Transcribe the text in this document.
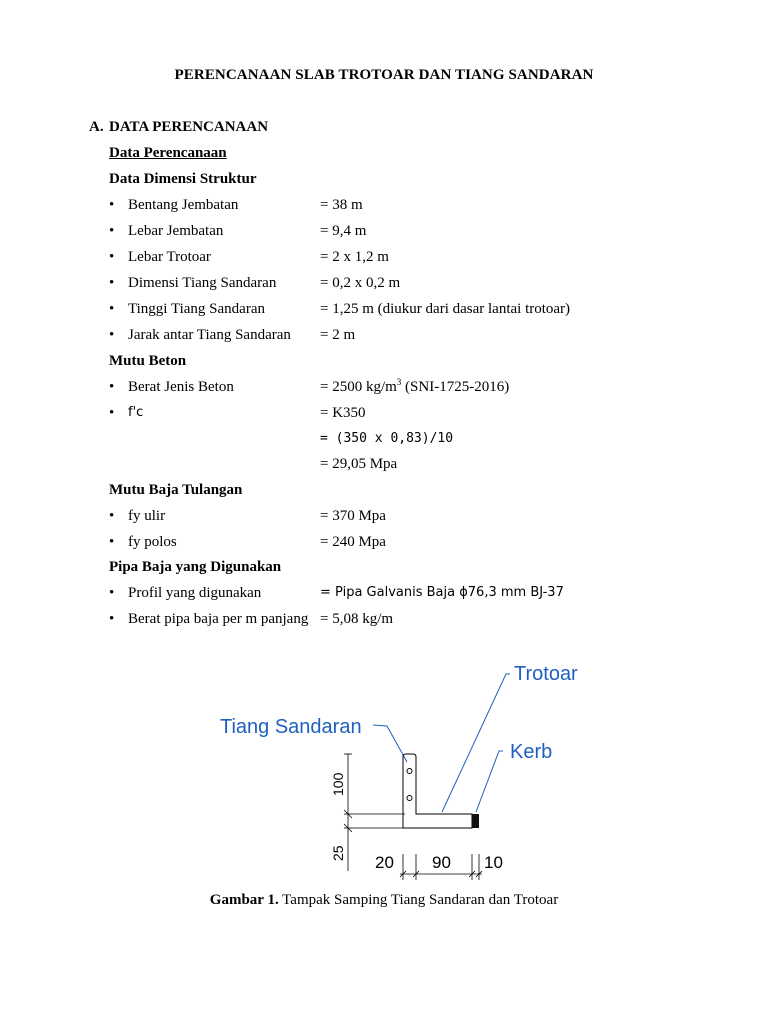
PERENCANAAN SLAB TROTOAR DAN TIANG SANDARAN
A. DATA PERENCANAAN
Data Perencanaan
Data Dimensi Struktur
• Bentang Jembatan	= 38 m
• Lebar Jembatan	= 9,4 m
• Lebar Trotoar	= 2 x 1,2 m
• Dimensi Tiang Sandaran	= 0,2 x 0,2 m
• Tinggi Tiang Sandaran	= 1,25 m (diukur dari dasar lantai trotoar)
• Jarak antar Tiang Sandaran = 2 m
Mutu Beton
• Berat Jenis Beton	= 2500 $kg/m^3$ (SNI-1725-2016)
• f'c	= K350
= (350 x 0,83)/10
= 29,05 Mpa
Mutu Baja Tulangan
• fy ulir	= 370 Mpa
• fy polos	= 240 Mpa
Pipa Baja yang Digunakan
• Profil yang digunakan	= Pipa Galvanis Baja ϕ76,3 mm BJ-37
• Berat pipa baja per m panjang = 5,08 kg/m
Trotoar
Tiang Sandaran
Kerb
100
25 20 90 10
Gambar 1. Tampak Samping Tiang Sandaran dan Trotoar
